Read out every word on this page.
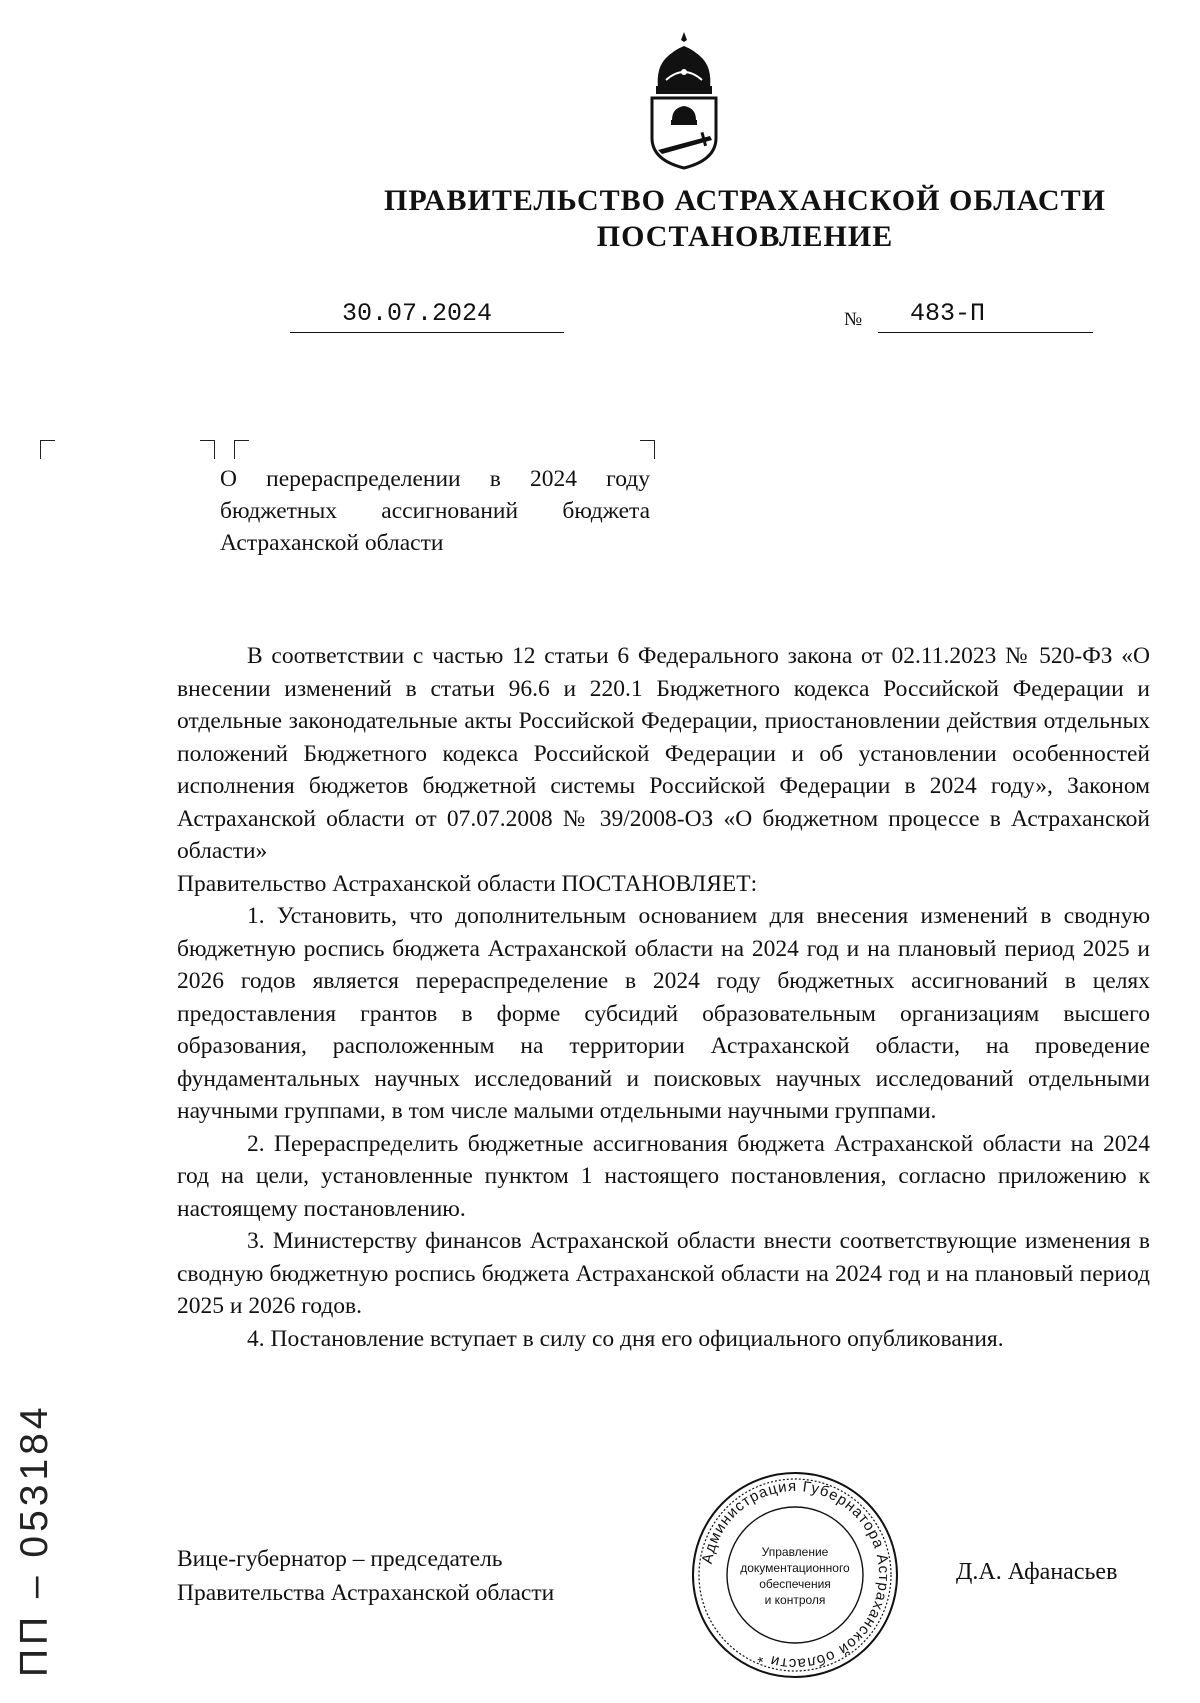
ПРАВИТЕЛЬСТВО АСТРАХАНСКОЙ ОБЛАСТИ
ПОСТАНОВЛЕНИЕ
30.07.2024	№ 483-П
О перераспределении в 2024 году
бюджетных ассигнований бюджета
Астраханской области

В соответствии с частью 12 статьи 6 Федерального закона от 02.11.2023 № 520-ФЗ «О внесении изменений в статьи 96.6 и 220.1 Бюджетного кодекса Российской Федерации и отдельные законодательные акты Российской Федерации, приостановлении действия отдельных положений Бюджетного кодекса Российской Федерации и об установлении особенностей исполнения бюджетов бюджетной системы Российской Федерации в 2024 году», Законом Астраханской области от 07.07.2008 № 39/2008-ОЗ «О бюджетном процессе в Астраханской области»

Правительство Астраханской области ПОСТАНОВЛЯЕТ:

1. Установить, что дополнительным основанием для внесения изменений в сводную бюджетную роспись бюджета Астраханской области на 2024 год и на плановый период 2025 и 2026 годов является перераспределение в 2024 году бюджетных ассигнований в целях предоставления грантов в форме субсидий образовательным организациям высшего образования, расположенным на территории Астраханской области, на проведение фундаментальных научных исследований и поисковых научных исследований отдельными научными группами, в том числе малыми отдельными научными группами.

2. Перераспределить бюджетные ассигнования бюджета Астраханской области на 2024 год на цели, установленные пунктом 1 настоящего постановления, согласно приложению к настоящему постановлению.

3. Министерству финансов Астраханской области внести соответствующие изменения в сводную бюджетную роспись бюджета Астраханской области на 2024 год и на плановый период 2025 и 2026 годов.

4. Постановление вступает в силу со дня его официального опубликования.

ПП – 053184	Вице-губернатор – председатель
Правительства Астраханской области
Д.А. Афанасьев
Администрация Губернатора Астраханской области *
Управление
документационного
обеспечения
и контроля
